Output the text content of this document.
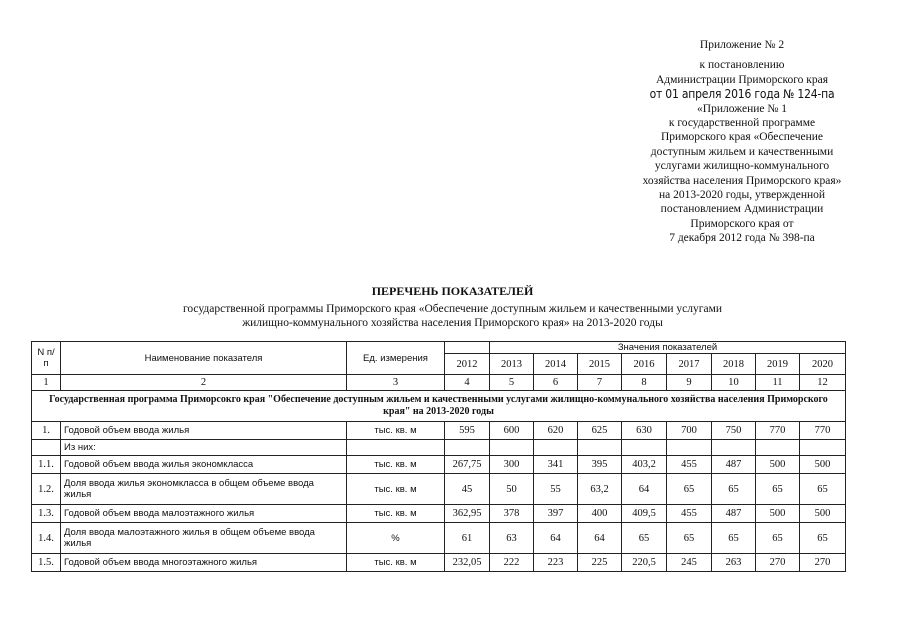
Приложение № 2
к постановлению
Администрации Приморского края
от 01 апреля 2016 года № 124-па
«Приложение № 1
к государственной программе
Приморского края «Обеспечение
доступным жильем и качественными
услугами жилищно-коммунального
хозяйства населения Приморского края»
на 2013-2020 годы, утвержденной
постановлением Администрации
Приморского края от
7 декабря 2012 года № 398-па
ПЕРЕЧЕНЬ ПОКАЗАТЕЛЕЙ
государственной программы Приморского края «Обеспечение доступным жильем и качественными услугами
жилищно-коммунального хозяйства населения Приморского края» на 2013-2020 годы
N п/п	Наименование показателя	Ед. измерения		Значения показателей							
			2012	2013	2014	2015	2016	2017	2018	2019	2020
1	2	3	4	5	6	7	8	9	10	11	12
Государственная программа Приморсокго края "Обеспечение доступным жильем и качественными услугами жилищно-коммунального хозяйства населения Приморского края" на 2013-2020 годы											
1.	Годовой объем ввода жилья	тыс. кв. м	595	600	620	625	630	700	750	770	770
	Из них:										
1.1.	Годовой объем ввода жилья экономкласса	тыс. кв. м	267,75	300	341	395	403,2	455	487	500	500
1.2.	Доля ввода жилья экономкласса в общем объеме ввода жилья	тыс. кв. м	45	50	55	63,2	64	65	65	65	65
1.3.	Годовой объем ввода малоэтажного жилья	тыс. кв. м	362,95	378	397	400	409,5	455	487	500	500
1.4.	Доля ввода малоэтажного жилья в общем объеме ввода жилья	%	61	63	64	64	65	65	65	65	65
1.5.	Годовой объем ввода многоэтажного жилья	тыс. кв. м	232,05	222	223	225	220,5	245	263	270	270
